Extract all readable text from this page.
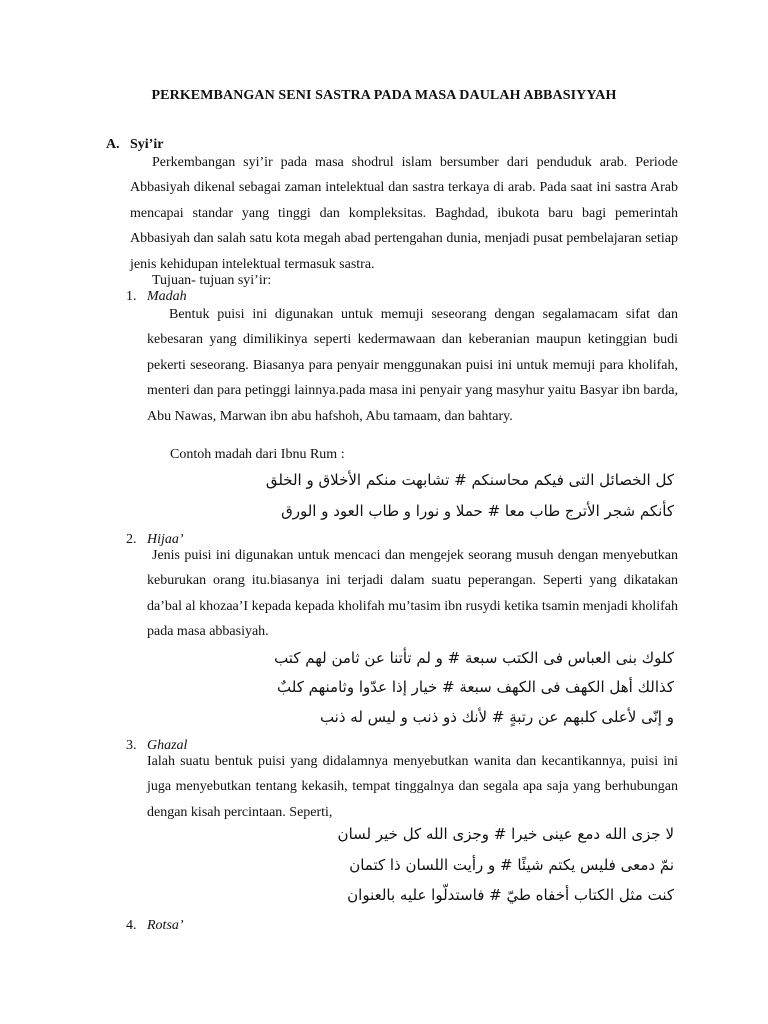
PERKEMBANGAN SENI SASTRA PADA MASA DAULAH ABBASIYYAH
A. Syi’ir

Perkembangan syi’ir pada masa shodrul islam bersumber dari penduduk arab. Periode Abbasiyah dikenal sebagai zaman intelektual dan sastra terkaya di arab. Pada saat ini sastra Arab mencapai standar yang tinggi dan kompleksitas. Baghdad, ibukota baru bagi pemerintah Abbasiyah dan salah satu kota megah abad pertengahan dunia, menjadi pusat pembelajaran setiap jenis kehidupan intelektual termasuk sastra.

Tujuan- tujuan syi’ir:
1. Madah

Bentuk puisi ini digunakan untuk memuji seseorang dengan segalamacam sifat dan kebesaran yang dimilikinya seperti kedermawaan dan keberanian maupun ketinggian budi pekerti seseorang. Biasanya para penyair menggunakan puisi ini untuk memuji para kholifah, menteri dan para petinggi lainnya.pada masa ini penyair yang masyhur yaitu Basyar ibn barda, Abu Nawas, Marwan ibn abu hafshoh, Abu tamaam, dan bahtary.

Contoh madah dari Ibnu Rum :
كل الخصائل التى فيكم محاسنكم # تشابهت منكم الأخلاق و الخلق
كأنكم شجر الأترج طاب معا # حملا و نورا و طاب العود و الورق
2. Hijaa’

Jenis puisi ini digunakan untuk mencaci dan mengejek seorang musuh dengan menyebutkan keburukan orang itu.biasanya ini terjadi dalam suatu peperangan. Seperti yang dikatakan da’bal al khozaa’I kepada kepada kholifah mu’tasim ibn rusydi ketika tsamin menjadi kholifah pada masa abbasiyah.

كلوك بنى العباس فى الكتب سبعة # و لم تأتنا عن ثامن لهم كتب
كذالك أهل الكهف فى الكهف سبعة # خيار إذا عدّوا وثامنهم كلبٌ
و إنّى لأعلى كلبهم عن رتبةٍ # لأنك ذو ذنب و ليس له ذنب
3. Ghazal

Ialah suatu bentuk puisi yang didalamnya menyebutkan wanita dan kecantikannya, puisi ini juga menyebutkan tentang kekasih, tempat tinggalnya dan segala apa saja yang berhubungan dengan kisah percintaan. Seperti,

لا جزى الله دمع عينى خيرا # وجزى الله كل خير لسان
نمّ دمعى فليس يكتم شيئًا # و رأيت اللسان ذا كتمان
كنت مثل الكتاب أخفاه طيّ # فاستدلّوا عليه بالعنوان
4. Rotsa’
